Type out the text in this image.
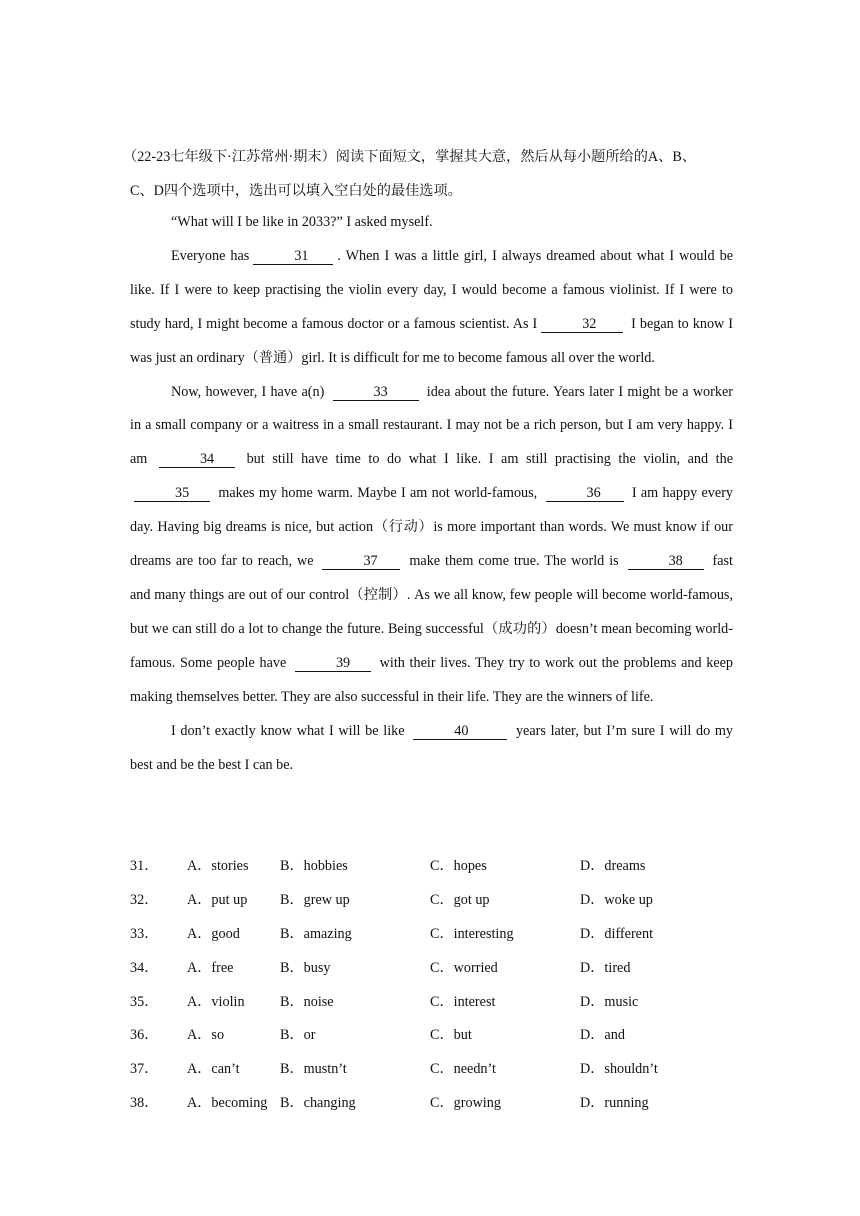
（22-23七年级下·江苏常州·期末）阅读下面短文，掌握其大意，然后从每小题所给的A、B、
C、D四个选项中，选出可以填入空白处的最佳选项。

“What will I be like in 2033?” I asked myself.

Everyone has	31 . When I was a little girl, I always dreamed about what I would be like. If I were to keep practising the violin every day, I would become a famous violinist. If I were to study hard, I might become a famous doctor or a famous scientist. As I	32 I began to know I was just an ordinary（普通）girl. It is difficult for me to become famous all over the world.

Now, however, I have a(n)	33	idea about the future. Years later I might be a worker in a small company or a waitress in a small restaurant. I may not be a rich person, but I am very happy. I am	34 but still have time to do what I like. I am still practising the violin, and the 35 makes my home warm. Maybe I am not world-famous,	36 I am happy every day. Having big dreams is nice, but action（行动）is more important than words. We must know if our dreams are too far to reach, we	37 make them come true. The world is	38 fast and many things are out of our control（控制）. As we all know, few people will become world-famous, but we can still do a lot to change the future. Being successful（成功的）doesn’t mean becoming world-famous. Some people have	39 with their lives. They try to work out the problems and keep making themselves better. They are also successful in their life. They are the winners of life.

I don’t exactly know what I will be like	40	years later, but I’m sure I will do my best and be the best I can be.

31．	A．stories	B．hobbies	C．hopes	D．dreams
32．	A．put up	B．grew up	C．got up	D．woke up
33．	A．good	B．amazing	C．interesting	D．different
34．	A．free	B．busy	C．worried	D．tired
35．	A．violin	B．noise	C．interest	D．music
36．	A．so	B．or	C．but	D．and
37．	A．can’t	B．mustn’t	C．needn’t	D．shouldn’t
38．	A．becoming B．changing	C．growing	D．running
